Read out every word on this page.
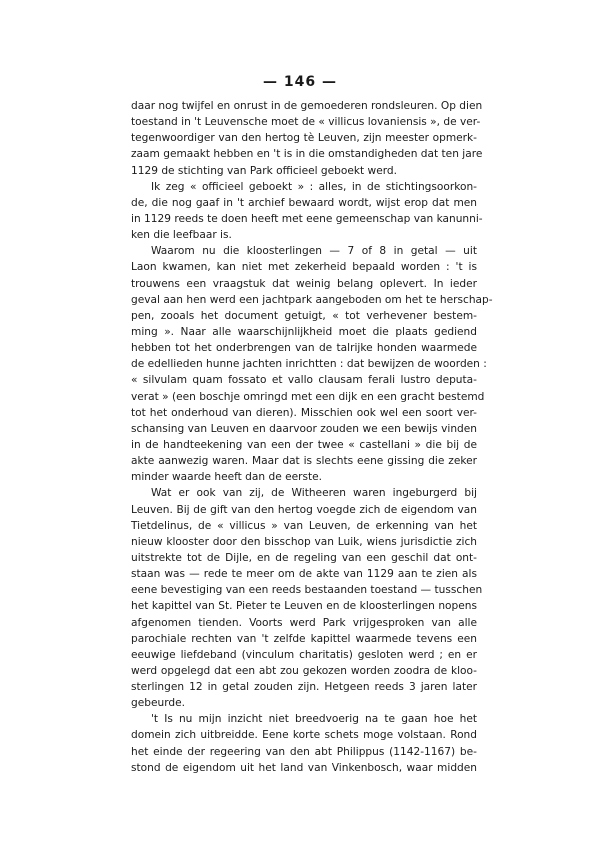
— 146 —
daar nog twijfel en onrust in de gemoederen rondsleuren. Op dien
toestand in 't Leuvensche moet de « villicus lovaniensis », de ver-
tegenwoordiger van den hertog tè Leuven, zijn meester opmerk-
zaam gemaakt hebben en 't is in die omstandigheden dat ten jare
1129 de stichting van Park officieel geboekt werd.
Ik zeg « officieel geboekt » : alles, in de stichtingsoorkon-
de, die nog gaaf in 't archief bewaard wordt, wijst erop dat men
in 1129 reeds te doen heeft met eene gemeenschap van kanunni-
ken die leefbaar is.
Waarom nu die kloosterlingen — 7 of 8 in getal — uit
Laon kwamen, kan niet met zekerheid bepaald worden : 't is
trouwens een vraagstuk dat weinig belang oplevert. In ieder
geval aan hen werd een jachtpark aangeboden om het te herschap-
pen, zooals het document getuigt, « tot verhevener bestem-
ming ». Naar alle waarschijnlijkheid moet die plaats gediend
hebben tot het onderbrengen van de talrijke honden waarmede
de edellieden hunne jachten inrichtten : dat bewijzen de woorden :
« silvulam quam fossato et vallo clausam ferali lustro deputa-
verat » (een boschje omringd met een dijk en een gracht bestemd
tot het onderhoud van dieren). Misschien ook wel een soort ver-
schansing van Leuven en daarvoor zouden we een bewijs vinden
in de handteekening van een der twee « castellani » die bij de
akte aanwezig waren. Maar dat is slechts eene gissing die zeker
minder waarde heeft dan de eerste.
Wat er ook van zij, de Witheeren waren ingeburgerd bij
Leuven. Bij de gift van den hertog voegde zich de eigendom van
Tietdelinus, de « villicus » van Leuven, de erkenning van het
nieuw klooster door den bisschop van Luik, wiens jurisdictie zich
uitstrekte tot de Dijle, en de regeling van een geschil dat ont-
staan was — rede te meer om de akte van 1129 aan te zien als
eene bevestiging van een reeds bestaanden toestand — tusschen
het kapittel van St. Pieter te Leuven en de kloosterlingen nopens
afgenomen tienden. Voorts werd Park vrijgesproken van alle
parochiale rechten van 't zelfde kapittel waarmede tevens een
eeuwige liefdeband (vinculum charitatis) gesloten werd ; en er
werd opgelegd dat een abt zou gekozen worden zoodra de kloo-
sterlingen 12 in getal zouden zijn. Hetgeen reeds 3 jaren later
gebeurde.
't Is nu mijn inzicht niet breedvoerig na te gaan hoe het
domein zich uitbreidde. Eene korte schets moge volstaan. Rond
het einde der regeering van den abt Philippus (1142-1167) be-
stond de eigendom uit het land van Vinkenbosch, waar midden
